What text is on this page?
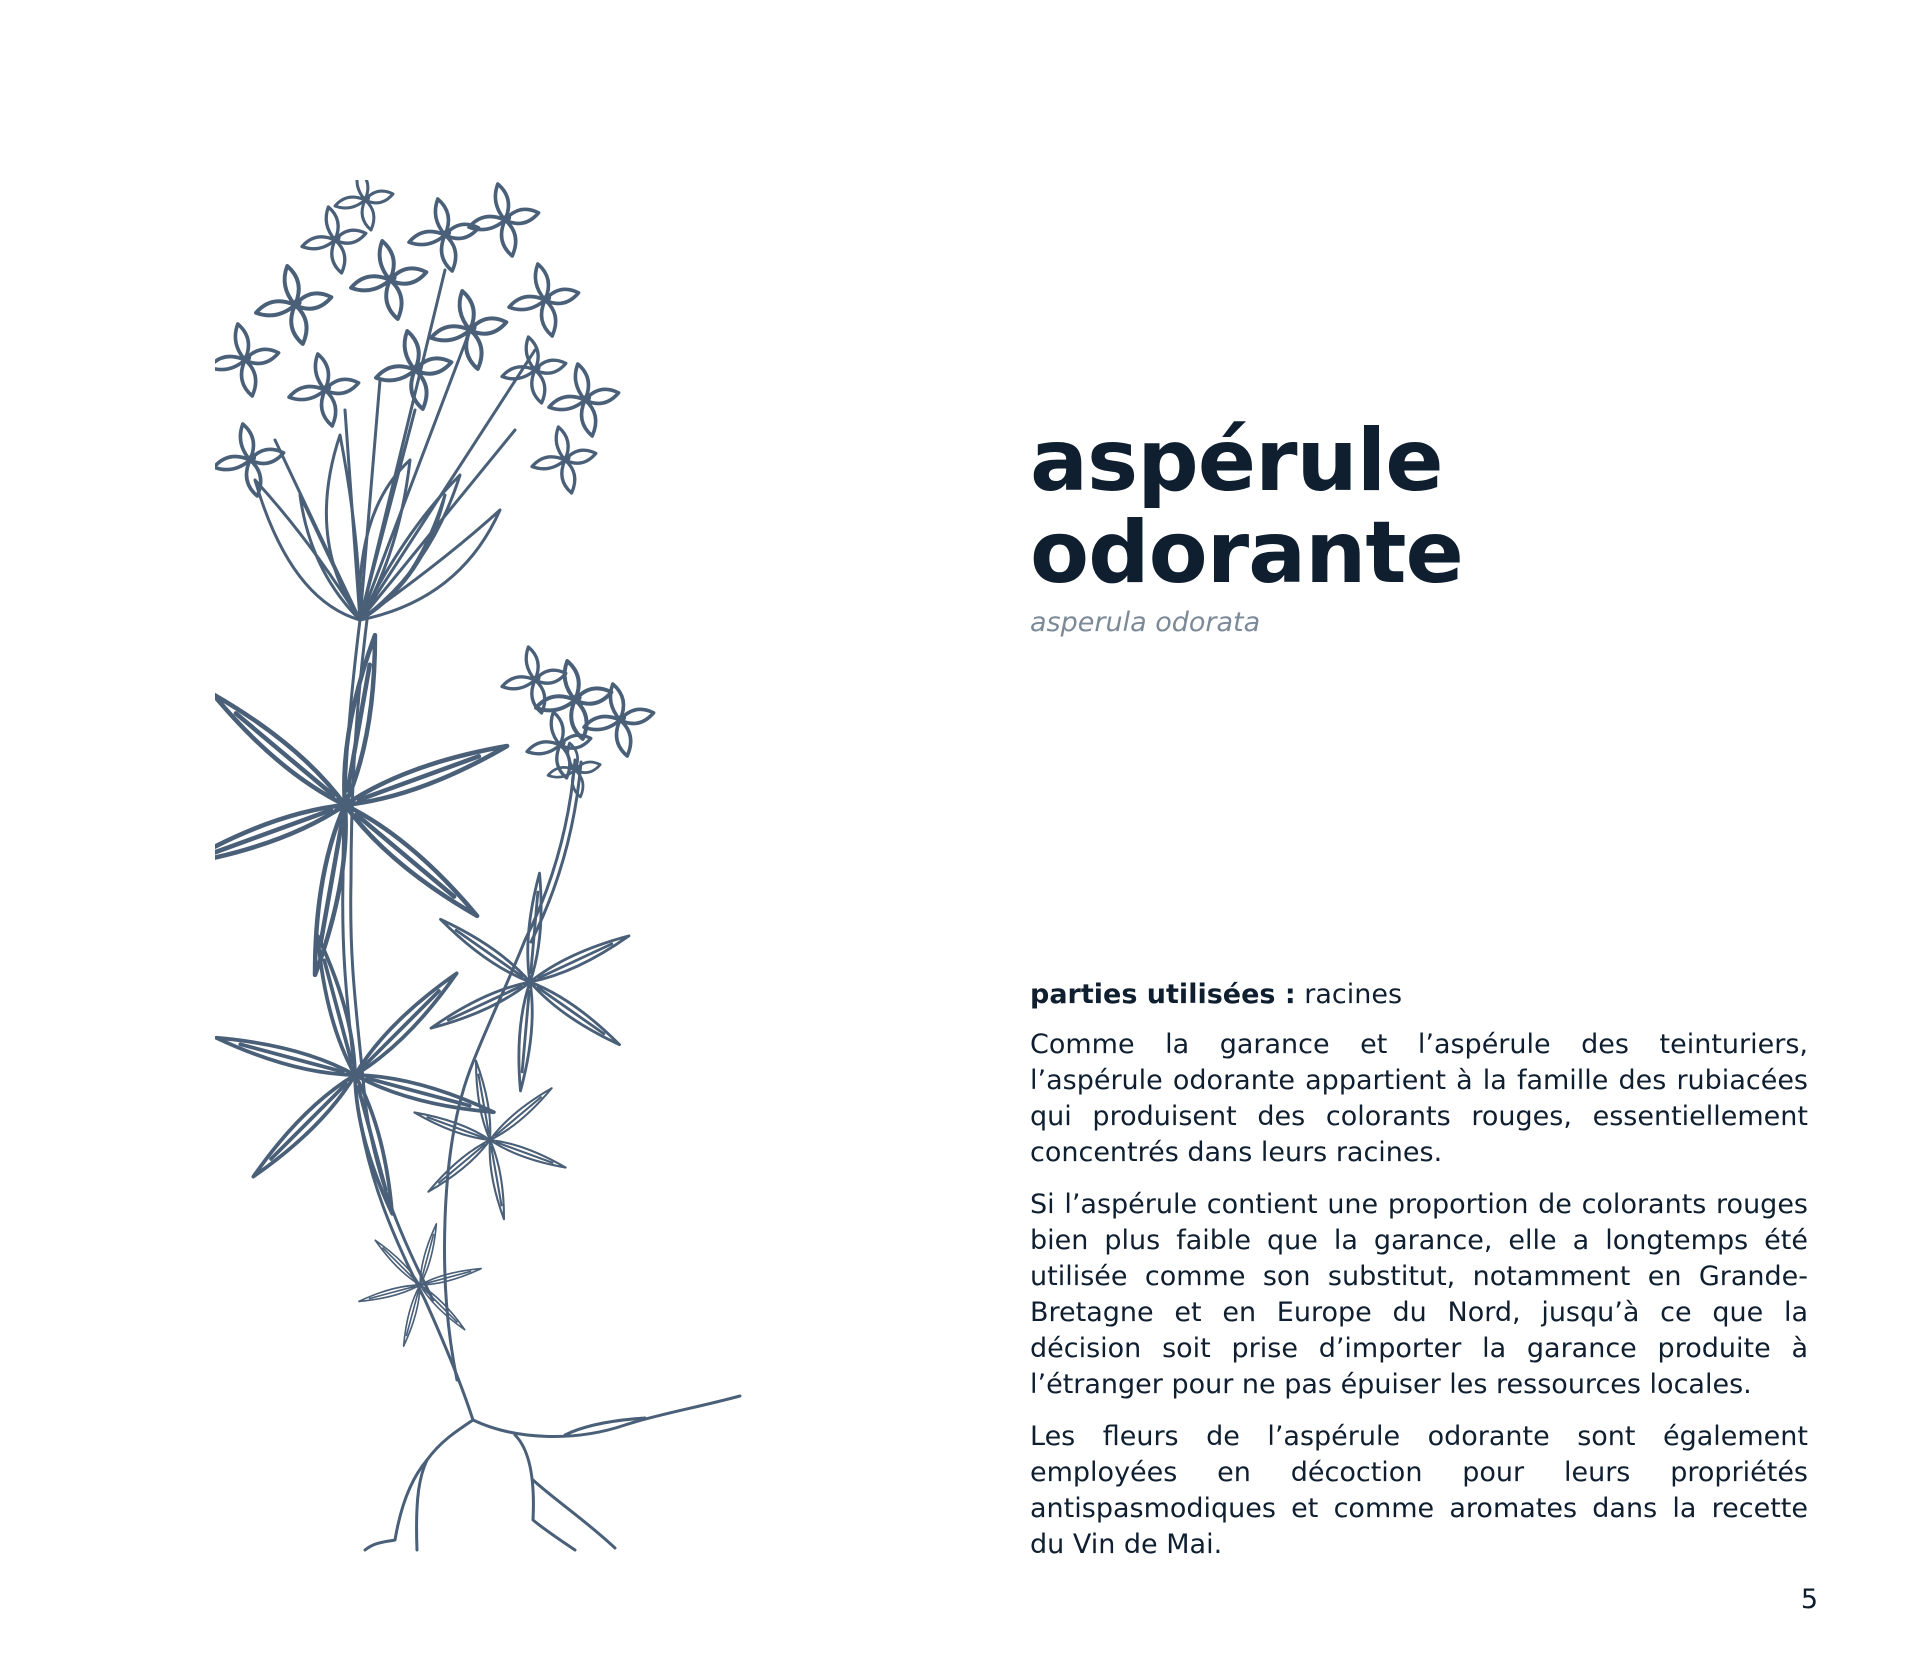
aspérule
odorante
asperula odorata

parties utilisées : racines

Comme la garance et l’aspérule des teinturiers, l’aspérule odorante appartient à la famille des rubiacées qui produisent des colorants rouges, essentiellement concentrés dans leurs racines.

Si l’aspérule contient une proportion de colorants rouges bien plus faible que la garance, elle a longtemps été utilisée comme son substitut, notamment en Grande-Bretagne et en Europe du Nord, jusqu’à ce que la décision soit prise d’importer la garance produite à l’étranger pour ne pas épuiser les ressources locales.

Les fleurs de l’aspérule odorante sont également employées en décoction pour leurs propriétés antispasmodiques et comme aromates dans la recette du Vin de Mai.

5
